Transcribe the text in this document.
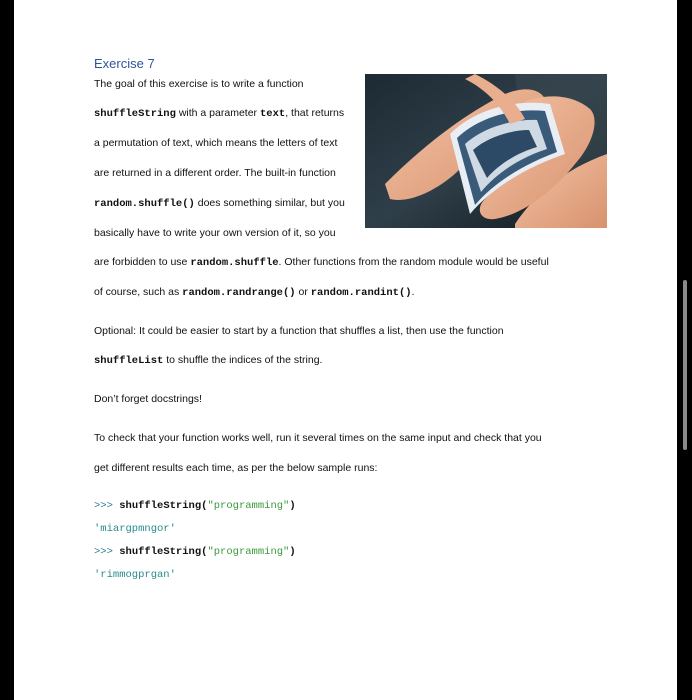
Exercise 7
The goal of this exercise is to write a function
shuffleString with a parameter text, that returns
a permutation of text, which means the letters of text
are returned in a different order. The built-in function
random.shuffle() does something similar, but you
basically have to write your own version of it, so you
are forbidden to use random.shuffle. Other functions from the random module would be useful
of course, such as random.randrange() or random.randint().
Optional: It could be easier to start by a function that shuffles a list, then use the function
shuffleList to shuffle the indices of the string.
Don’t forget docstrings!
To check that your function works well, run it several times on the same input and check that you
get different results each time, as per the below sample runs:
>>> shuffleString("programming")
'miargpmngor'
>>> shuffleString("programming")
'rimmogprgan'
